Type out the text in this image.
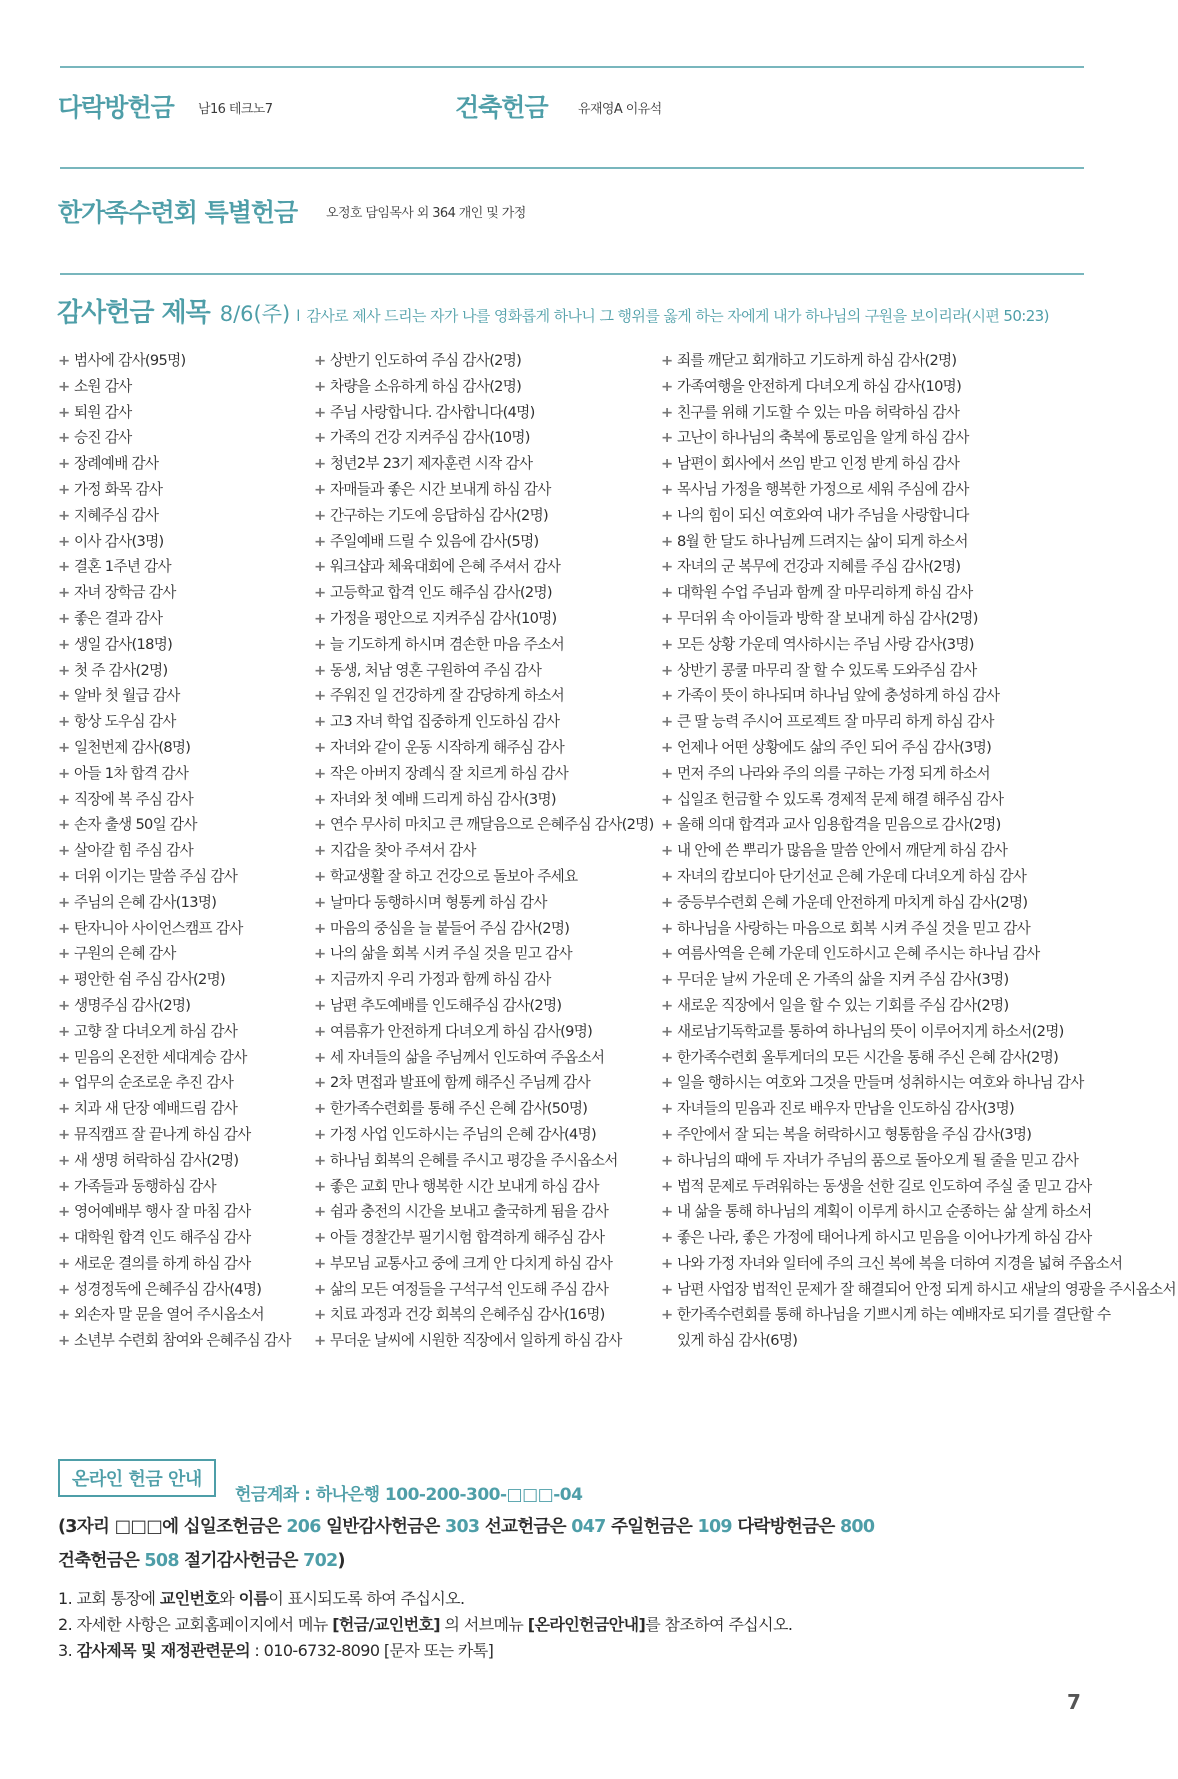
다락방헌금 남16 테크노7	건축헌금 유재영A 이유석
한가족수련회 특별헌금 오정호 담임목사 외 364 개인 및 가정
감사헌금 제목 8/6(주) l 감사로 제사 드리는 자가 나를 영화롭게 하나니 그 행위를 옳게 하는 자에게 내가 하나님의 구원을 보이리라(시편 50:23)
+ 범사에 감사(95명)
+ 소원 감사
+ 퇴원 감사
+ 승진 감사
+ 장례예배 감사
+ 가정 화목 감사
+ 지혜주심 감사
+ 이사 감사(3명)
+ 결혼 1주년 감사
+ 자녀 장학금 감사
+ 좋은 결과 감사
+ 생일 감사(18명)
+ 첫 주 감사(2명)
+ 알바 첫 월급 감사
+ 항상 도우심 감사
+ 일천번제 감사(8명)
+ 아들 1차 합격 감사
+ 직장에 복 주심 감사
+ 손자 출생 50일 감사
+ 살아갈 힘 주심 감사
+ 더위 이기는 말씀 주심 감사
+ 주님의 은혜 감사(13명)
+ 탄자니아 사이언스캠프 감사
+ 구원의 은혜 감사
+ 평안한 쉼 주심 감사(2명)
+ 생명주심 감사(2명)
+ 고향 잘 다녀오게 하심 감사
+ 믿음의 온전한 세대계승 감사
+ 업무의 순조로운 추진 감사
+ 치과 새 단장 예배드림 감사
+ 뮤직캠프 잘 끝나게 하심 감사
+ 새 생명 허락하심 감사(2명)
+ 가족들과 동행하심 감사
+ 영어예배부 행사 잘 마침 감사
+ 대학원 합격 인도 해주심 감사
+ 새로운 결의를 하게 하심 감사
+ 성경정독에 은혜주심 감사(4명)
+ 외손자 말 문을 열어 주시옵소서
+ 소년부 수련회 참여와 은혜주심 감사
+ 상반기 인도하여 주심 감사(2명)
+ 차량을 소유하게 하심 감사(2명)
+ 주님 사랑합니다. 감사합니다(4명)
+ 가족의 건강 지켜주심 감사(10명)
+ 청년2부 23기 제자훈련 시작 감사
+ 자매들과 좋은 시간 보내게 하심 감사
+ 간구하는 기도에 응답하심 감사(2명)
+ 주일예배 드릴 수 있음에 감사(5명)
+ 워크샵과 체육대회에 은혜 주셔서 감사
+ 고등학교 합격 인도 해주심 감사(2명)
+ 가정을 평안으로 지켜주심 감사(10명)
+ 늘 기도하게 하시며 겸손한 마음 주소서
+ 동생, 처남 영혼 구원하여 주심 감사
+ 주워진 일 건강하게 잘 감당하게 하소서
+ 고3 자녀 학업 집중하게 인도하심 감사
+ 자녀와 같이 운동 시작하게 해주심 감사
+ 작은 아버지 장례식 잘 치르게 하심 감사
+ 자녀와 첫 예배 드리게 하심 감사(3명)
+ 연수 무사히 마치고 큰 깨달음으로 은혜주심 감사(2명)
+ 지갑을 찾아 주셔서 감사
+ 학교생활 잘 하고 건강으로 돌보아 주세요
+ 날마다 동행하시며 형통케 하심 감사
+ 마음의 중심을 늘 붙들어 주심 감사(2명)
+ 나의 삶을 회복 시켜 주실 것을 믿고 감사
+ 지금까지 우리 가정과 함께 하심 감사
+ 남편 추도예배를 인도해주심 감사(2명)
+ 여름휴가 안전하게 다녀오게 하심 감사(9명)
+ 세 자녀들의 삶을 주님께서 인도하여 주옵소서
+ 2차 면접과 발표에 함께 해주신 주님께 감사
+ 한가족수련회를 통해 주신 은혜 감사(50명)
+ 가정 사업 인도하시는 주님의 은혜 감사(4명)
+ 하나님 회복의 은혜를 주시고 평강을 주시옵소서
+ 좋은 교회 만나 행복한 시간 보내게 하심 감사
+ 쉼과 충전의 시간을 보내고 출국하게 됨을 감사
+ 아들 경찰간부 필기시험 합격하게 해주심 감사
+ 부모님 교통사고 중에 크게 안 다치게 하심 감사
+ 삶의 모든 여정들을 구석구석 인도해 주심 감사
+ 치료 과정과 건강 회복의 은혜주심 감사(16명)
+ 무더운 날씨에 시원한 직장에서 일하게 하심 감사
+ 죄를 깨닫고 회개하고 기도하게 하심 감사(2명)
+ 가족여행을 안전하게 다녀오게 하심 감사(10명)
+ 친구를 위해 기도할 수 있는 마음 허락하심 감사
+ 고난이 하나님의 축복에 통로임을 알게 하심 감사
+ 남편이 회사에서 쓰임 받고 인정 받게 하심 감사
+ 목사님 가정을 행복한 가정으로 세워 주심에 감사
+ 나의 힘이 되신 여호와여 내가 주님을 사랑합니다
+ 8월 한 달도 하나님께 드려지는 삶이 되게 하소서
+ 자녀의 군 복무에 건강과 지혜를 주심 감사(2명)
+ 대학원 수업 주님과 함께 잘 마무리하게 하심 감사
+ 무더위 속 아이들과 방학 잘 보내게 하심 감사(2명)
+ 모든 상황 가운데 역사하시는 주님 사랑 감사(3명)
+ 상반기 콩쿨 마무리 잘 할 수 있도록 도와주심 감사
+ 가족이 뜻이 하나되며 하나님 앞에 충성하게 하심 감사
+ 큰 딸 능력 주시어 프로젝트 잘 마무리 하게 하심 감사
+ 언제나 어떤 상황에도 삶의 주인 되어 주심 감사(3명)
+ 먼저 주의 나라와 주의 의를 구하는 가정 되게 하소서
+ 십일조 헌금할 수 있도록 경제적 문제 해결 해주심 감사
+ 올해 의대 합격과 교사 임용합격을 믿음으로 감사(2명)
+ 내 안에 쓴 뿌리가 많음을 말씀 안에서 깨닫게 하심 감사
+ 자녀의 캄보디아 단기선교 은혜 가운데 다녀오게 하심 감사
+ 중등부수련회 은혜 가운데 안전하게 마치게 하심 감사(2명)
+ 하나님을 사랑하는 마음으로 회복 시켜 주실 것을 믿고 감사
+ 여름사역을 은혜 가운데 인도하시고 은혜 주시는 하나님 감사
+ 무더운 날씨 가운데 온 가족의 삶을 지켜 주심 감사(3명)
+ 새로운 직장에서 일을 할 수 있는 기회를 주심 감사(2명)
+ 새로남기독학교를 통하여 하나님의 뜻이 이루어지게 하소서(2명)
+ 한가족수련회 올투게더의 모든 시간을 통해 주신 은혜 감사(2명)
+ 일을 행하시는 여호와 그것을 만들며 성취하시는 여호와 하나님 감사
+ 자녀들의 믿음과 진로 배우자 만남을 인도하심 감사(3명)
+ 주안에서 잘 되는 복을 허락하시고 형통함을 주심 감사(3명)
+ 하나님의 때에 두 자녀가 주님의 품으로 돌아오게 될 줄을 믿고 감사
+ 법적 문제로 두려워하는 동생을 선한 길로 인도하여 주실 줄 믿고 감사
+ 내 삶을 통해 하나님의 계획이 이루게 하시고 순종하는 삶 살게 하소서
+ 좋은 나라, 좋은 가정에 태어나게 하시고 믿음을 이어나가게 하심 감사
+ 나와 가정 자녀와 일터에 주의 크신 복에 복을 더하여 지경을 넓혀 주옵소서
+ 남편 사업장 법적인 문제가 잘 해결되어 안정 되게 하시고 새날의 영광을 주시옵소서
+ 한가족수련회를 통해 하나님을 기쁘시게 하는 예배자로 되기를 결단할 수
있게 하심 감사(6명)
온라인 헌금 안내
헌금계좌 : 하나은행 100-200-300-□□□-04
(3자리 □□□에 십일조헌금은 206 일반감사헌금은 303 선교헌금은 047 주일헌금은 109 다락방헌금은 800
건축헌금은 508 절기감사헌금은 702)
1. 교회 통장에 교인번호와 이름이 표시되도록 하여 주십시오.
2. 자세한 사항은 교회홈페이지에서 메뉴 [헌금/교인번호] 의 서브메뉴 [온라인헌금안내]를 참조하여 주십시오.
3. 감사제목 및 재정관련문의 : 010-6732-8090 [문자 또는 카톡]
7
